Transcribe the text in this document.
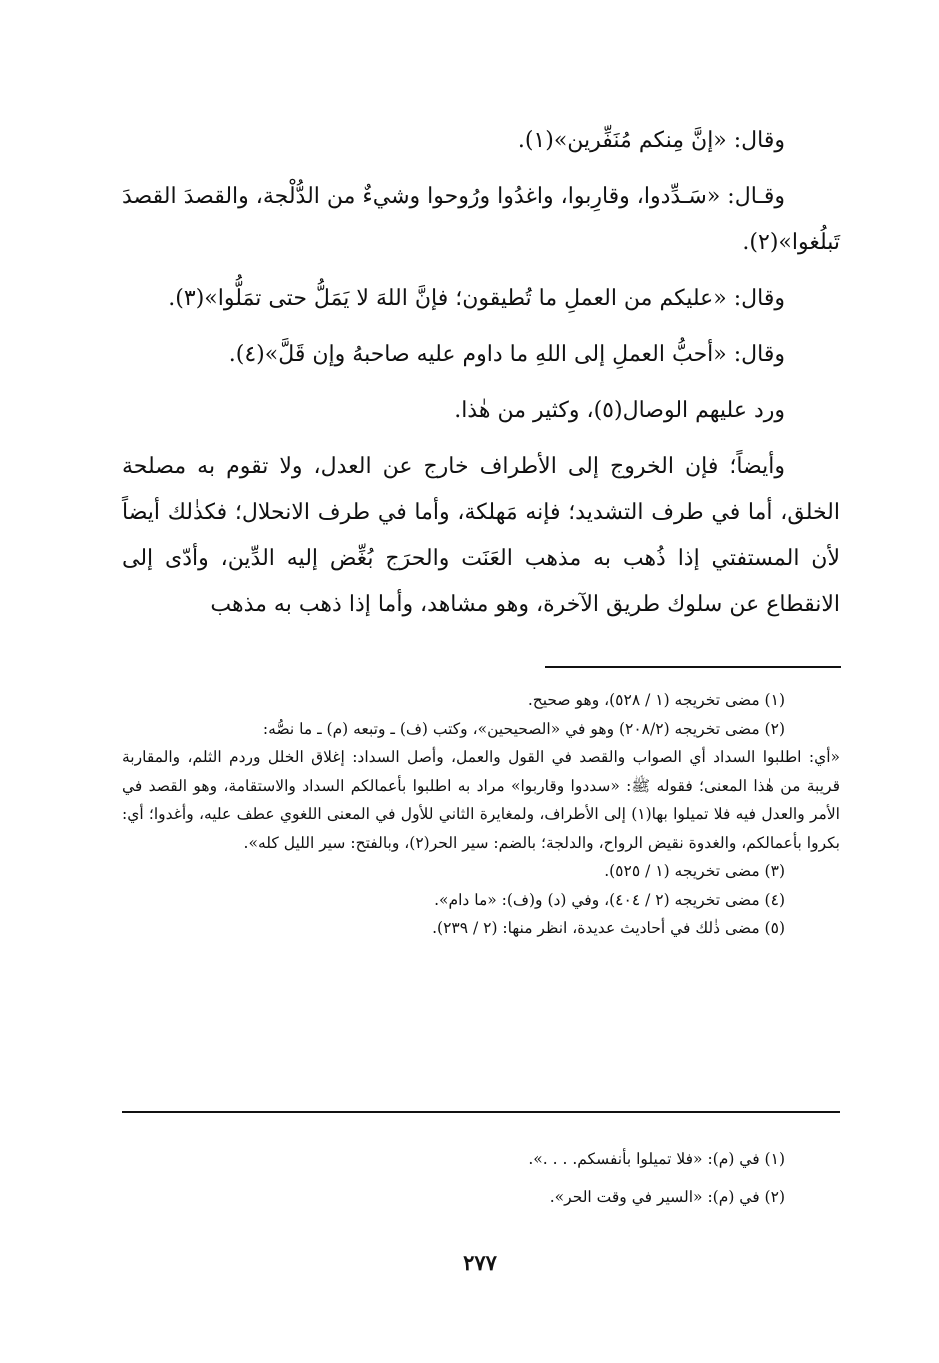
وقال: «إنَّ مِنكم مُنَفِّرين»(١).

وقـال: «سَـدِّدوا، وقارِبوا، واغدُوا ورُوحوا وشيءٌ من الدُّلْجة، والقصدَ القصدَ تَبلُغوا»(٢).

وقال: «عليكم من العملِ ما تُطيقون؛ فإنَّ اللهَ لا يَمَلُّ حتى تمَلُّوا»(٣).

وقال: «أحبُّ العملِ إلى اللهِ ما داوم عليه صاحبهُ وإن قَلَّ»(٤).

ورد عليهم الوصال(٥)، وكثير من هٰذا.

وأيضاً؛ فإن الخروج إلى الأطراف خارج عن العدل، ولا تقوم به مصلحة الخلق، أما في طرف التشديد؛ فإنه مَهلكة، وأما في طرف الانحلال؛ فكذٰلك أيضاً لأن المستفتي إذا ذُهب به مذهب العَنَت والحرَج بُغِّض إليه الدِّين، وأدّى إلى الانقطاع عن سلوك طريق الآخرة، وهو مشاهد، وأما إذا ذهب به مذهب

(١) مضى تخريجه (١ / ٥٢٨)، وهو صحيح.

(٢) مضى تخريجه (٢٠٨/٢) وهو في «الصحيحين»، وكتب (ف) ـ وتبعه (م) ـ ما نصُّه:

«أي: اطلبوا السداد أي الصواب والقصد في القول والعمل، وأصل السداد: إغلاق الخلل وردم الثلم، والمقاربة قريبة من هٰذا المعنى؛ فقوله ﷺ: «سددوا وقاربوا» مراد به اطلبوا بأعمالكم السداد والاستقامة، وهو القصد في الأمر والعدل فيه فلا تميلوا بها(١) إلى الأطراف، ولمغايرة الثاني للأول في المعنى اللغوي عطف عليه، وأغدوا؛ أي: بكروا بأعمالكم، والغدوة نقيض الرواح، والدلجة؛ بالضم: سير الحر(٢)، وبالفتح: سير الليل كله».

(٣) مضى تخريجه (١ / ٥٢٥).

(٤) مضى تخريجه (٢ / ٤٠٤)، وفي (د) و(ف): «ما دام».

(٥) مضى ذٰلك في أحاديث عديدة، انظر منها: (٢ / ٢٣٩).

(١) في (م): «فلا تميلوا بأنفسكم. . . .».

(٢) في (م): «السير في وقت الحر».

٢٧٧
